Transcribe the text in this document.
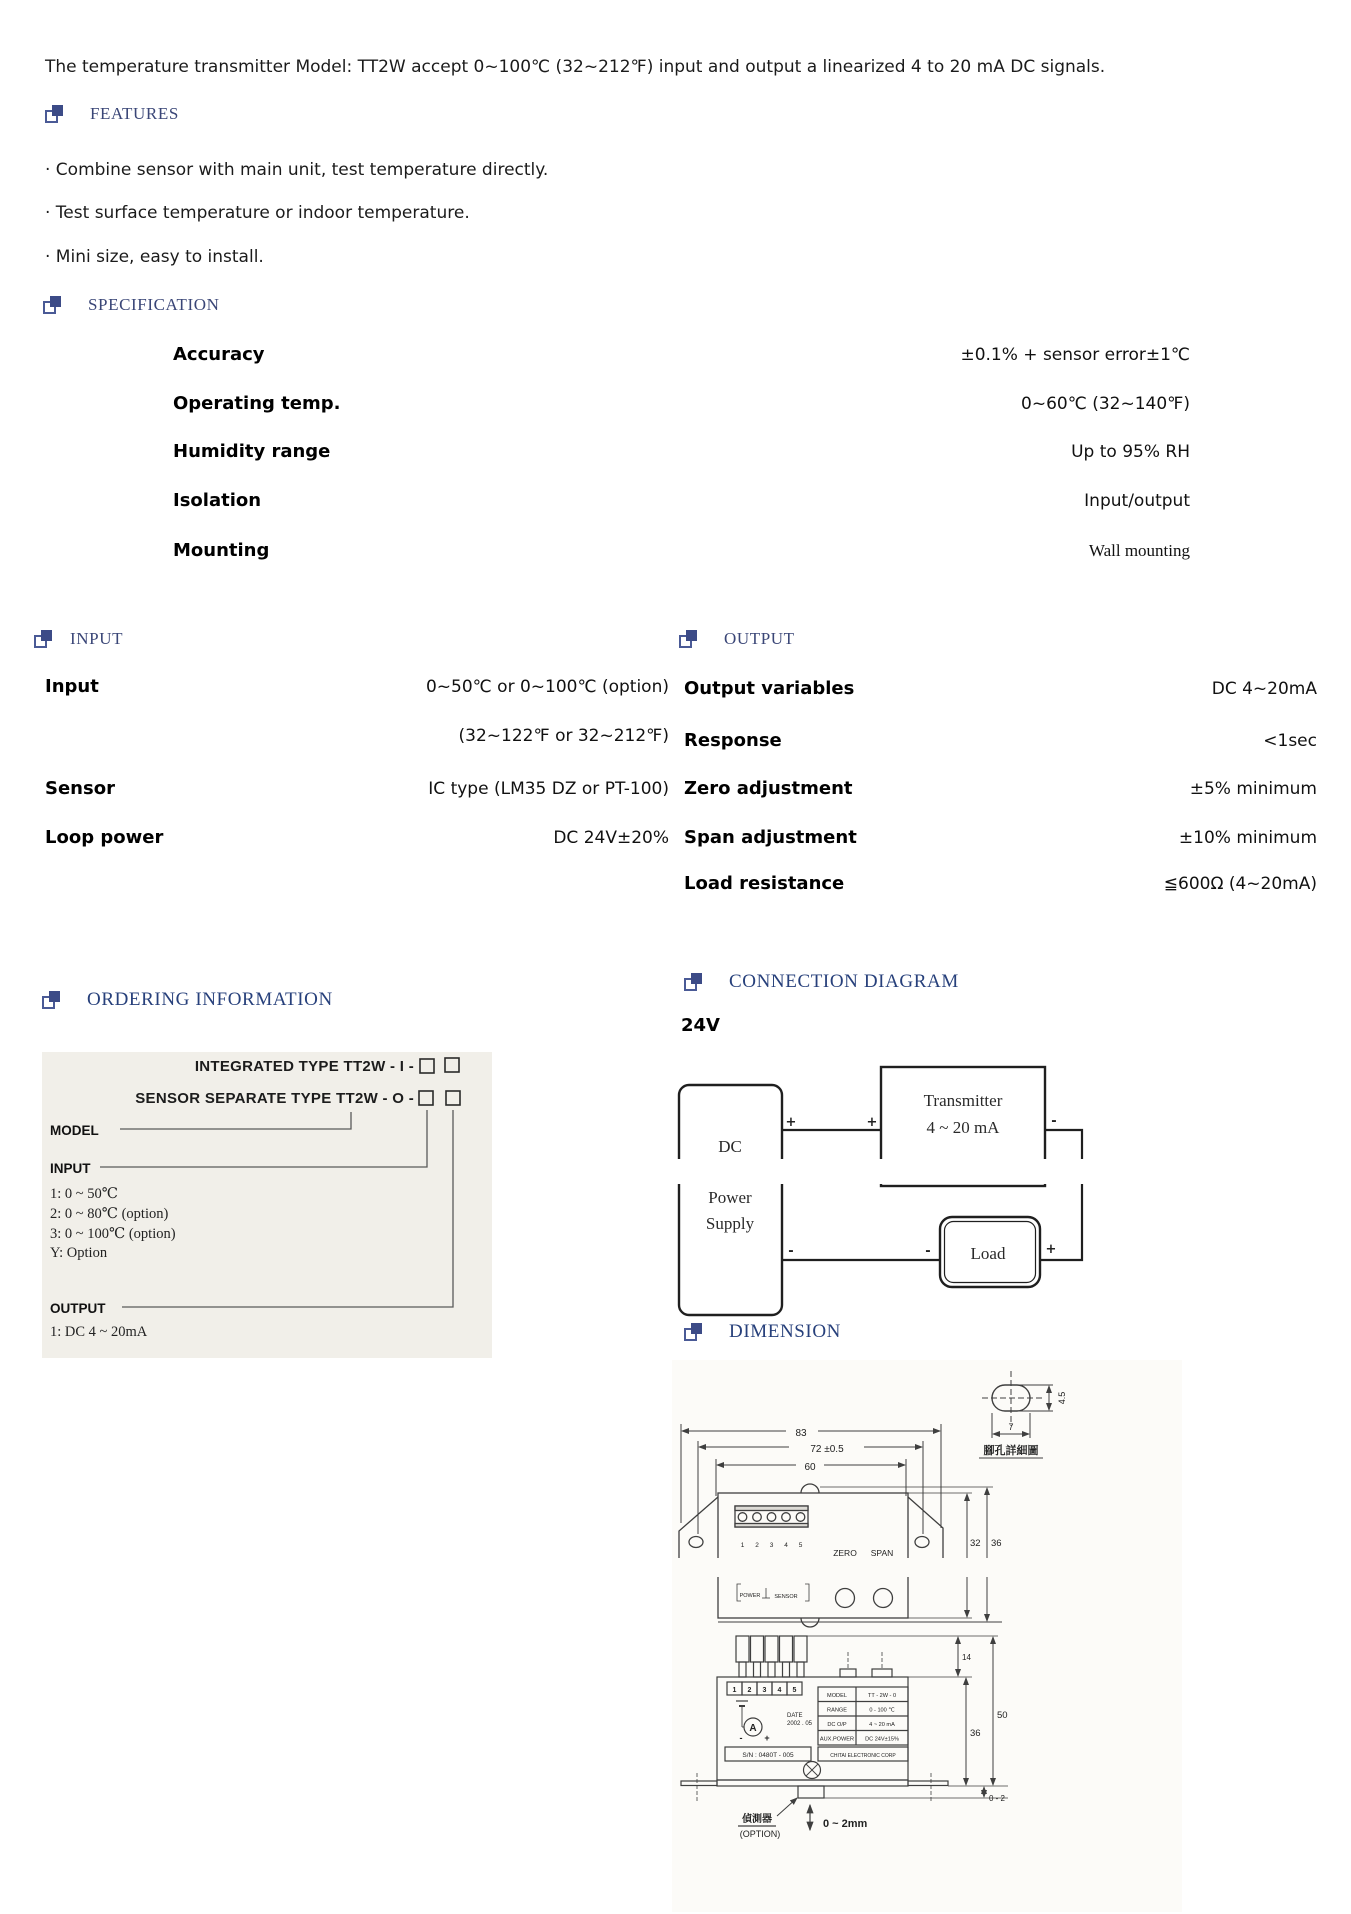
The temperature transmitter Model: TT2W accept 0~100℃ (32~212℉) input and output a linearized 4 to 20 mA DC signals.
FEATURES
· Combine sensor with main unit, test temperature directly.
· Test surface temperature or indoor temperature.
· Mini size, easy to install.
SPECIFICATION
Accuracy	±0.1% + sensor error±1℃
Operating temp.	0~60℃ (32~140℉)
Humidity range	Up to 95% RH
Isolation	Input/output
Mounting	Wall mounting
INPUT
Input	0~50℃ or 0~100℃ (option)
(32~122℉ or 32~212℉)
Sensor	IC type (LM35 DZ or PT-100)
Loop power	DC 24V±20%
OUTPUT
Output variables	DC 4~20mA
Response	<1sec
Zero adjustment	±5% minimum
Span adjustment	±10% minimum
Load resistance	≦600Ω (4~20mA)
ORDERING INFORMATION
INTEGRATED TYPE TT2W - I -
SENSOR SEPARATE TYPE TT2W - O -
MODEL
INPUT
1: 0 ~ 50℃
2: 0 ~ 80℃ (option)
3: 0 ~ 100℃ (option)
Y: Option
OUTPUT
1: DC 4 ~ 20mA
CONNECTION DIAGRAM
24V
DC
Power
Supply
Transmitter
4 ~ 20 mA
Load
+	+	-
+
-
-
DIMENSION
4.5
7
腳孔詳細圖
83
72 ±0.5
60
1 2 3 4 5
ZERO SPAN
POWER	SENSOR
32 36
1 2 3 4 5
A
- +
DATE
2002 . 05
MODEL	TT - 2W - 0
RANGE	0 - 100 ℃
DC O/P	4 ~ 20 mA
AUX.POWER DC 24V±15%
S/N : 0480T - 005	CHITAI ELECTRONIC CORP
14
50
36
0 - 2
偵測器
(OPTION)
0 ~ 2mm
